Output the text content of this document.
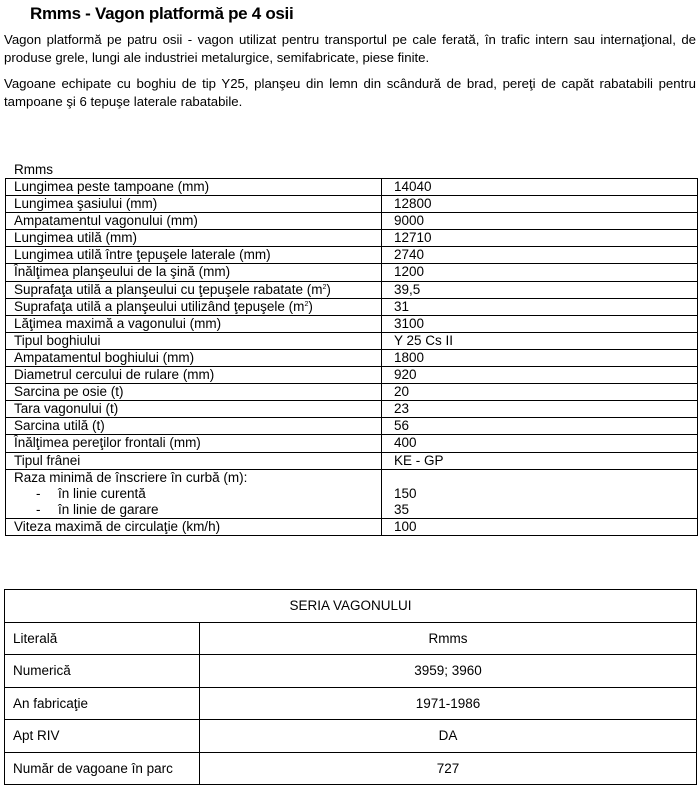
Rmms - Vagon platformă pe 4 osii
Vagon platformă pe patru osii - vagon utilizat pentru transportul pe cale ferată, în trafic intern sau internaţional, de produse grele, lungi ale industriei metalurgice, semifabricate, piese finite.
Vagoane echipate cu boghiu de tip Y25, planşeu din lemn din scândură de brad, pereţi de capăt rabatabili pentru tampoane şi 6 tepuşe laterale rabatabile.
Rmms
Lungimea peste tampoane (mm)	14040
Lungimea şasiului (mm)	12800
Ampatamentul vagonului (mm)	9000
Lungimea utilă (mm)	12710
Lungimea utilă între ţepuşele laterale (mm)	2740
Înălţimea planşeului de la şină (mm)	1200
Suprafaţa utilă a planşeului cu ţepuşele rabatate $(m^2)$	39,5
Suprafaţa utilă a planşeului utilizând ţepuşele $(m^2)$	31
Lăţimea maximă a vagonului (mm)	3100
Tipul boghiului	Y 25 Cs II
Ampatamentul boghiului (mm)	1800
Diametrul cercului de rulare (mm)	920
Sarcina pe osie (t)	20
Tara vagonului (t)	23
Sarcina utilă (t)	56
Înălţimea pereţilor frontali (mm)	400
Tipul frânei	KE - GP
Raza minimă de înscriere în curbă (m):	
- în linie curentă	150
- în linie de garare	35
Viteza maximă de circulaţie (km/h)	100
SERIA VAGONULUI	
Literală	Rmms
Numerică	3959; 3960
An fabricaţie	1971-1986
Apt RIV	DA
Număr de vagoane în parc	727
